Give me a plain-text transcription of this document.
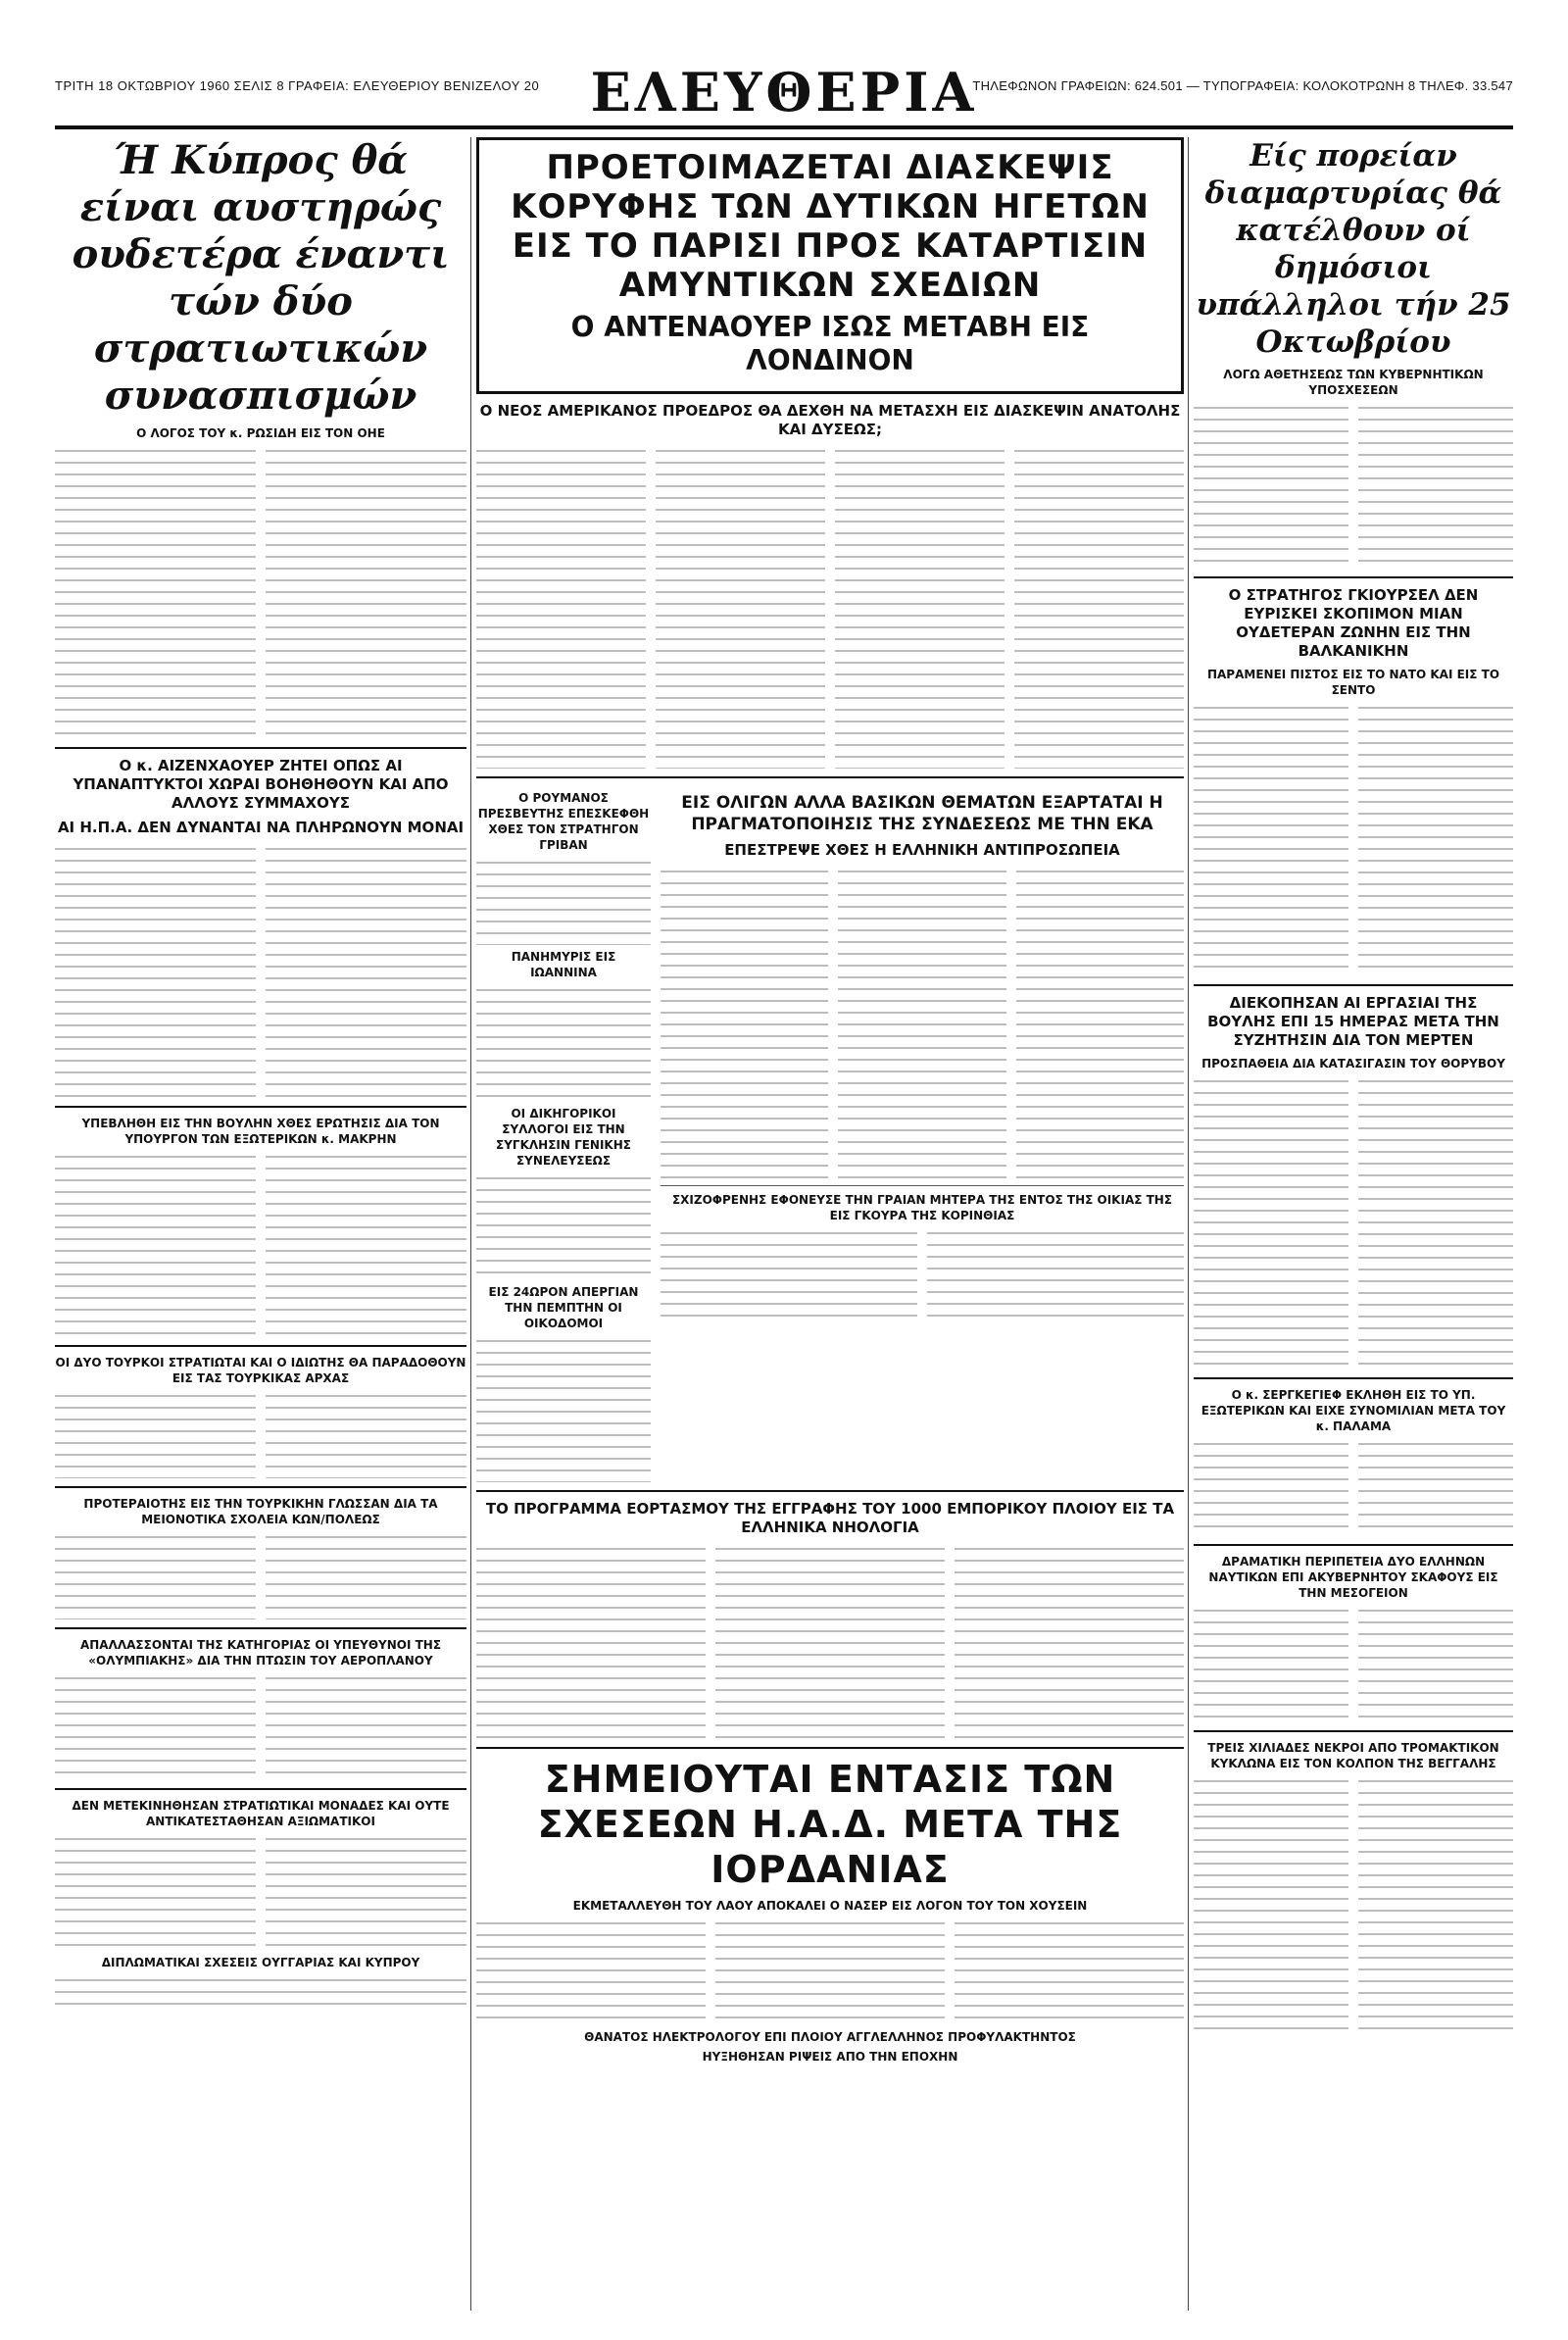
ΤΡΙΤΗ 18 ΟΚΤΩΒΡΙΟΥ 1960 ΣΕΛΙΣ 8 ΓΡΑΦΕΙΑ: ΕΛΕΥΘΕΡΙΟΥ ΒΕΝΙΖΕΛΟΥ 20 ΕΛΕΥΘΕΡΙΑ
ΤΗΛΕΦΩΝΟΝ ΓΡΑΦΕΙΩΝ: 624.501 — ΤΥΠΟΓΡΑΦΕΙΑ: ΚΟΛΟΚΟΤΡΩΝΗ 8 ΤΗΛΕΦ. 33.547
Ή Κύπρος θά είναι αυστηρώς ουδετέρα έναντι τών δύο στρατιωτικών συνασπισμών
Ο ΛΟΓΟΣ ΤΟΥ κ. ΡΩΣΙΔΗ ΕΙΣ ΤΟΝ ΟΗΕ
Ο κ. ΑΙΖΕΝΧΑΟΥΕΡ ΖΗΤΕΙ ΟΠΩΣ ΑΙ ΥΠΑΝΑΠΤΥΚΤΟΙ ΧΩΡΑΙ ΒΟΗΘΗΘΟΥΝ ΚΑΙ ΑΠΟ ΑΛΛΟΥΣ ΣΥΜΜΑΧΟΥΣ
ΑΙ Η.Π.Α. ΔΕΝ ΔΥΝΑΝΤΑΙ ΝΑ ΠΛΗΡΩΝΟΥΝ ΜΟΝΑΙ
ΥΠΕΒΛΗΘΗ ΕΙΣ ΤΗΝ ΒΟΥΛΗΝ ΧΘΕΣ ΕΡΩΤΗΣΙΣ ΔΙΑ ΤΟΝ ΥΠΟΥΡΓΟΝ ΤΩΝ ΕΞΩΤΕΡΙΚΩΝ κ. ΜΑΚΡΗΝ
ΟΙ ΔΥΟ ΤΟΥΡΚΟΙ ΣΤΡΑΤΙΩΤΑΙ ΚΑΙ Ο ΙΔΙΩΤΗΣ ΘΑ ΠΑΡΑΔΟΘΟΥΝ ΕΙΣ ΤΑΣ ΤΟΥΡΚΙΚΑΣ ΑΡΧΑΣ
ΠΡΟΤΕΡΑΙΟΤΗΣ ΕΙΣ ΤΗΝ ΤΟΥΡΚΙΚΗΝ ΓΛΩΣΣΑΝ ΔΙΑ ΤΑ ΜΕΙΟΝΟΤΙΚΑ ΣΧΟΛΕΙΑ ΚΩΝ/ΠΟΛΕΩΣ
ΑΠΑΛΛΑΣΣΟΝΤΑΙ ΤΗΣ ΚΑΤΗΓΟΡΙΑΣ ΟΙ ΥΠΕΥΘΥΝΟΙ ΤΗΣ «ΟΛΥΜΠΙΑΚΗΣ» ΔΙΑ ΤΗΝ ΠΤΩΣΙΝ ΤΟΥ ΑΕΡΟΠΛΑΝΟΥ
ΔΕΝ ΜΕΤΕΚΙΝΗΘΗΣΑΝ ΣΤΡΑΤΙΩΤΙΚΑΙ ΜΟΝΑΔΕΣ ΚΑΙ ΟΥΤΕ ΑΝΤΙΚΑΤΕΣΤΑΘΗΣΑΝ ΑΞΙΩΜΑΤΙΚΟΙ
ΔΙΠΛΩΜΑΤΙΚΑΙ ΣΧΕΣΕΙΣ ΟΥΓΓΑΡΙΑΣ ΚΑΙ ΚΥΠΡΟΥ
ΠΡΟΕΤΟΙΜΑΖΕΤΑΙ ΔΙΑΣΚΕΨΙΣ ΚΟΡΥΦΗΣ ΤΩΝ ΔΥΤΙΚΩΝ ΗΓΕΤΩΝ ΕΙΣ ΤΟ ΠΑΡΙΣΙ ΠΡΟΣ ΚΑΤΑΡΤΙΣΙΝ ΑΜΥΝΤΙΚΩΝ ΣΧΕΔΙΩΝ
Ο ΑΝΤΕΝΑΟΥΕΡ ΙΣΩΣ ΜΕΤΑΒΗ ΕΙΣ ΛΟΝΔΙΝΟΝ
Ο ΝΕΟΣ ΑΜΕΡΙΚΑΝΟΣ ΠΡΟΕΔΡΟΣ ΘΑ ΔΕΧΘΗ ΝΑ ΜΕΤΑΣΧΗ ΕΙΣ ΔΙΑΣΚΕΨΙΝ ΑΝΑΤΟΛΗΣ ΚΑΙ ΔΥΣΕΩΣ;
Ο ΡΟΥΜΑΝΟΣ ΠΡΕΣΒΕΥΤΗΣ ΕΠΕΣΚΕΦΘΗ ΧΘΕΣ ΤΟΝ ΣΤΡΑΤΗΓΟΝ ΓΡΙΒΑΝ
ΠΑΝΗΜΥΡΙΣ ΕΙΣ ΙΩΑΝΝΙΝΑ
ΟΙ ΔΙΚΗΓΟΡΙΚΟΙ ΣΥΛΛΟΓΟΙ ΕΙΣ ΤΗΝ ΣΥΓΚΛΗΣΙΝ ΓΕΝΙΚΗΣ ΣΥΝΕΛΕΥΣΕΩΣ
ΕΙΣ 24ΩΡΟΝ ΑΠΕΡΓΙΑΝ ΤΗΝ ΠΕΜΠΤΗΝ ΟΙ ΟΙΚΟΔΟΜΟΙ
ΕΙΣ ΟΛΙΓΩΝ ΑΛΛΑ ΒΑΣΙΚΩΝ ΘΕΜΑΤΩΝ ΕΞΑΡΤΑΤΑΙ Η ΠΡΑΓΜΑΤΟΠΟΙΗΣΙΣ ΤΗΣ ΣΥΝΔΕΣΕΩΣ ΜΕ ΤΗΝ ΕΚΑ
ΕΠΕΣΤΡΕΨΕ ΧΘΕΣ Η ΕΛΛΗΝΙΚΗ ΑΝΤΙΠΡΟΣΩΠΕΙΑ
ΣΧΙΖΟΦΡΕΝΗΣ ΕΦΟΝΕΥΣΕ ΤΗΝ ΓΡΑΙΑΝ ΜΗΤΕΡΑ ΤΗΣ ΕΝΤΟΣ ΤΗΣ ΟΙΚΙΑΣ ΤΗΣ ΕΙΣ ΓΚΟΥΡΑ ΤΗΣ ΚΟΡΙΝΘΙΑΣ
ΤΟ ΠΡΟΓΡΑΜΜΑ ΕΟΡΤΑΣΜΟΥ ΤΗΣ ΕΓΓΡΑΦΗΣ ΤΟΥ 1000 ΕΜΠΟΡΙΚΟΥ ΠΛΟΙΟΥ ΕΙΣ ΤΑ ΕΛΛΗΝΙΚΑ ΝΗΟΛΟΓΙΑ
ΣΗΜΕΙΟΥΤΑΙ ΕΝΤΑΣΙΣ ΤΩΝ ΣΧΕΣΕΩΝ Η.Α.Δ. ΜΕΤΑ ΤΗΣ ΙΟΡΔΑΝΙΑΣ
ΕΚΜΕΤΑΛΛΕΥΘΗ ΤΟΥ ΛΑΟΥ ΑΠΟΚΑΛΕΙ Ο ΝΑΣΕΡ ΕΙΣ ΛΟΓΟΝ ΤΟΥ ΤΟΝ ΧΟΥΣΕΙΝ
ΘΑΝΑΤΟΣ ΗΛΕΚΤΡΟΛΟΓΟΥ ΕΠΙ ΠΛΟΙΟΥ ΑΓΓΛΕΛΛΗΝΟΣ ΠΡΟΦΥΛΑΚΤΗΝΤΟΣ
ΗΥΞΗΘΗΣΑΝ ΡΙΨΕΙΣ ΑΠΟ ΤΗΝ ΕΠΟΧΗΝ
Είς πορείαν διαμαρτυρίας θά κατέλθουν οί δημόσιοι υπάλληλοι τήν 25 Οκτωβρίου
ΛΟΓΩ ΑΘΕΤΗΣΕΩΣ ΤΩΝ ΚΥΒΕΡΝΗΤΙΚΩΝ ΥΠΟΣΧΕΣΕΩΝ
Ο ΣΤΡΑΤΗΓΟΣ ΓΚΙΟΥΡΣΕΛ ΔΕΝ ΕΥΡΙΣΚΕΙ ΣΚΟΠΙΜΟΝ ΜΙΑΝ ΟΥΔΕΤΕΡΑΝ ΖΩΝΗΝ ΕΙΣ ΤΗΝ ΒΑΛΚΑΝΙΚΗΝ
ΠΑΡΑΜΕΝΕΙ ΠΙΣΤΟΣ ΕΙΣ ΤΟ ΝΑΤΟ ΚΑΙ ΕΙΣ ΤΟ ΣΕΝΤΟ
ΔΙΕΚΟΠΗΣΑΝ ΑΙ ΕΡΓΑΣΙΑΙ ΤΗΣ ΒΟΥΛΗΣ ΕΠΙ 15 ΗΜΕΡΑΣ ΜΕΤΑ ΤΗΝ ΣΥΖΗΤΗΣΙΝ ΔΙΑ ΤΟΝ ΜΕΡΤΕΝ
ΠΡΟΣΠΑΘΕΙΑ ΔΙΑ ΚΑΤΑΣΙΓΑΣΙΝ ΤΟΥ ΘΟΡΥΒΟΥ
Ο κ. ΣΕΡΓΚΕΓΙΕΦ ΕΚΛΗΘΗ ΕΙΣ ΤΟ ΥΠ. ΕΞΩΤΕΡΙΚΩΝ ΚΑΙ ΕΙΧΕ ΣΥΝΟΜΙΛΙΑΝ ΜΕΤΑ ΤΟΥ κ. ΠΑΛΑΜΑ
ΔΡΑΜΑΤΙΚΗ ΠΕΡΙΠΕΤΕΙΑ ΔΥΟ ΕΛΛΗΝΩΝ ΝΑΥΤΙΚΩΝ ΕΠΙ ΑΚΥΒΕΡΝΗΤΟΥ ΣΚΑΦΟΥΣ ΕΙΣ ΤΗΝ ΜΕΣΟΓΕΙΟΝ
ΤΡΕΙΣ ΧΙΛΙΑΔΕΣ ΝΕΚΡΟΙ ΑΠΟ ΤΡΟΜΑΚΤΙΚΟΝ ΚΥΚΛΩΝΑ ΕΙΣ ΤΟΝ ΚΟΛΠΟΝ ΤΗΣ ΒΕΓΓΑΛΗΣ
